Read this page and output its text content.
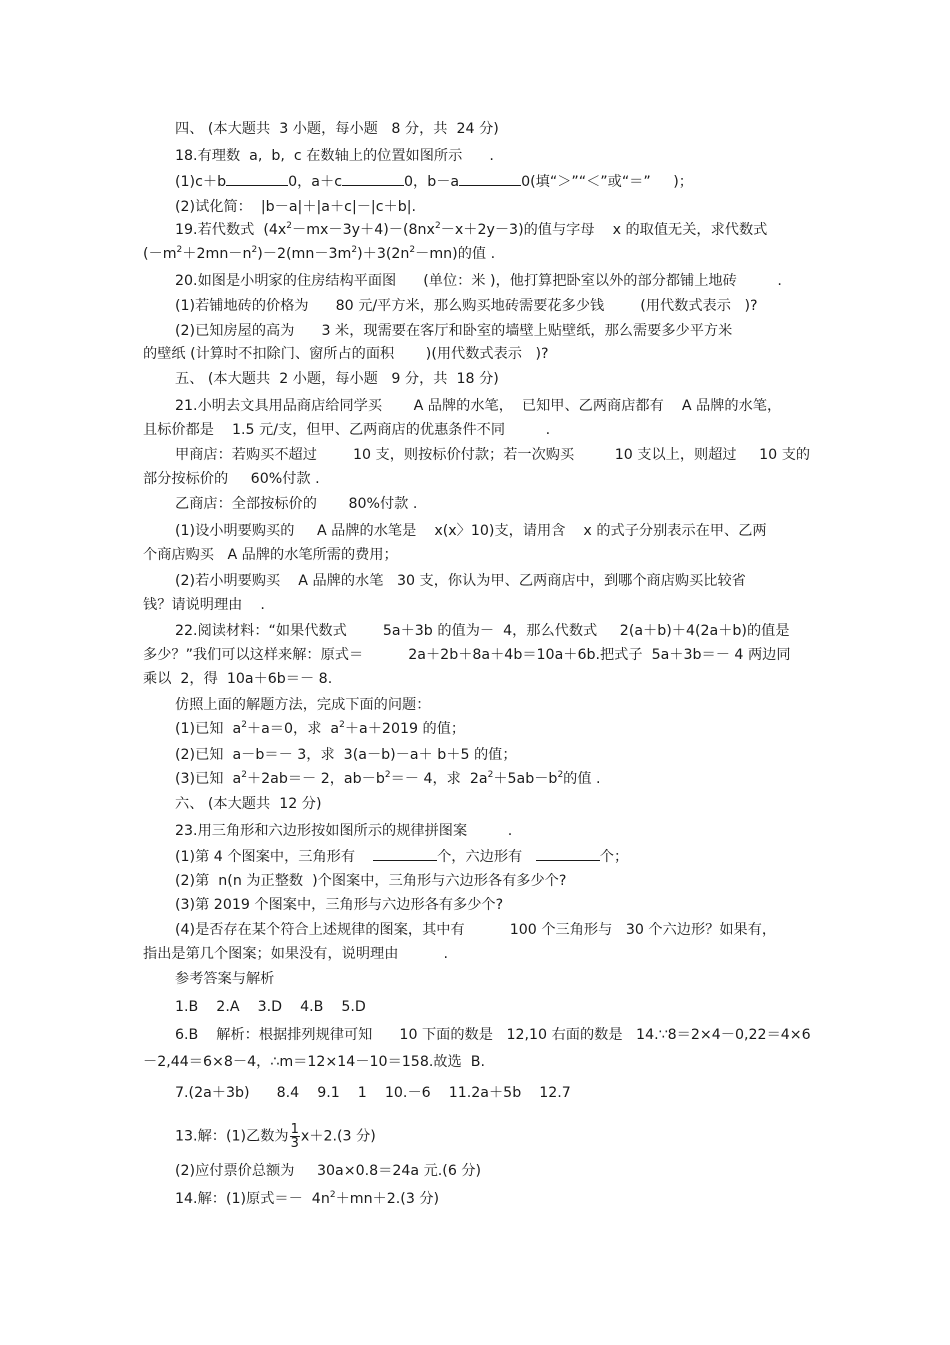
四、 (本大题共  3 小题，每小题   8 分，共  24 分)
18.有理数  a,  b,  c 在数轴上的位置如图所示      .
(1)c＋b	0，a＋c	0，b－a	0(填“＞”“＜”或“＝”     )；
(2)试化简：  |b－a|＋|a＋c|－|c＋b|.
19.若代数式  $(4x^2-mx-3y+4)-(8nx^2-x+2y-3)$的值与字母    x 的取值无关，求代数式
$(-m^2+2mn-n^2)-2(mn-3m^2)+3(2n^2-mn)$的值 .
20.如图是小明家的住房结构平面图      (单位：米 )，他打算把卧室以外的部分都铺上地砖         .
(1)若铺地砖的价格为      80 元/平方米，那么购买地砖需要花多少钱        (用代数式表示   )?
(2)已知房屋的高为      3 米，现需要在客厅和卧室的墙壁上贴壁纸，那么需要多少平方米
的壁纸 (计算时不扣除门、窗所占的面积       )(用代数式表示   )?
五、 (本大题共  2 小题，每小题   9 分，共  18 分)
21.小明去文具用品商店给同学买       A 品牌的水笔，  已知甲、乙两商店都有    A 品牌的水笔，
且标价都是    1.5 元/支，但甲、乙两商店的优惠条件不同         .
甲商店：若购买不超过        10 支，则按标价付款；若一次购买         10 支以上，则超过     10 支的
部分按标价的     60%付款 .
乙商店：全部按标价的       80%付款 .
(1)设小明要购买的     A 品牌的水笔是    x(x〉10)支，请用含    x 的式子分别表示在甲、乙两
个商店购买   A 品牌的水笔所需的费用；
(2)若小明要购买    A 品牌的水笔   30 支，你认为甲、乙两商店中，到哪个商店购买比较省
钱？请说明理由    .
22.阅读材料：“如果代数式        5a＋3b 的值为－  4，那么代数式     2(a＋b)＋4(2a＋b)的值是
多少？”我们可以这样来解：原式＝          2a＋2b＋8a＋4b＝10a＋6b.把式子  5a＋3b＝－ 4 两边同
乘以  2，得  10a＋6b＝－ 8.
仿照上面的解题方法，完成下面的问题：
(1)已知  $a^2+a=0$，求  $a^2+a+2019$ 的值；
(2)已知  a－b＝－ 3，求  3(a－b)－a＋ b＋5 的值；
(3)已知  $a^2+2ab=- 2$，$ab-b^2=- 4$，求  $2a^2+5ab-b^2$的值 .
六、 (本大题共  12 分)
23.用三角形和六边形按如图所示的规律拼图案         .
(1)第 4 个图案中，三角形有	个，六边形有	个；
(2)第  n(n 为正整数  )个图案中，三角形与六边形各有多少个?
(3)第 2019 个图案中，三角形与六边形各有多少个?
(4)是否存在某个符合上述规律的图案，其中有          100 个三角形与   30 个六边形？如果有，
指出是第几个图案；如果没有，说明理由          .
参考答案与解析
1.B    2.A    3.D    4.B    5.D
6.B    解析：根据排列规律可知      10 下面的数是   12,10 右面的数是   14.∵8＝2×4－0,22＝4×6
－2,44＝6×8－4，∴m＝12×14－10＝158.故选  B.
7.(2a＋3b)      8.4    9.1    1    10.－6    11.2a＋5b    12.7
13.解：(1)乙数为 $\frac{1}{3} x+2.(3$ 分)
(2)应付票价总额为     30a×0.8＝24a 元.(6 分)
14.解：(1)原式＝－  $4n^2+mn+2.(3$ 分)
